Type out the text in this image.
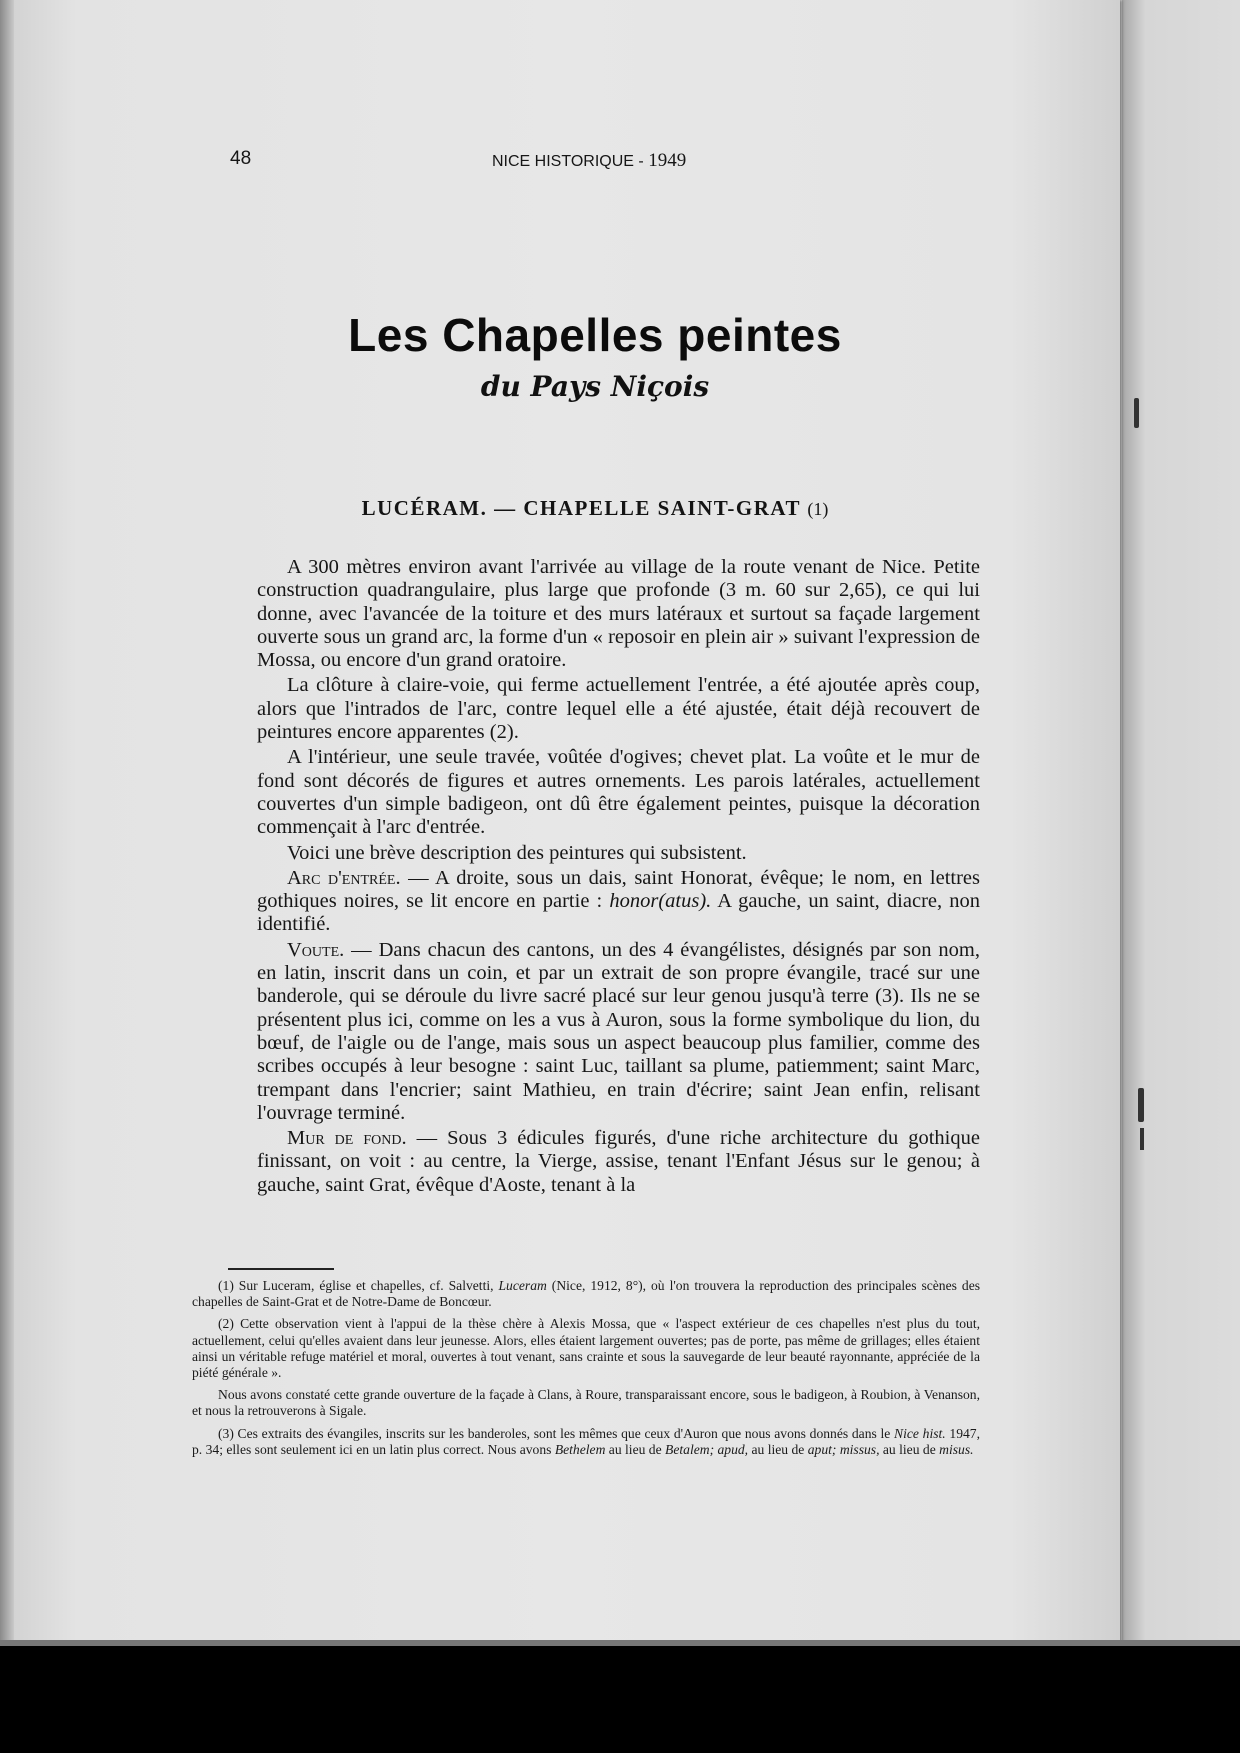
48	NICE HISTORIQUE - 1949
Les Chapelles peintes
du Pays Niçois
LUCÉRAM. — CHAPELLE SAINT-GRAT (1)

A 300 mètres environ avant l'arrivée au village de la route venant de Nice. Petite construction quadrangulaire, plus large que profonde (3 m. 60 sur 2,65), ce qui lui donne, avec l'avancée de la toiture et des murs latéraux et surtout sa façade largement ouverte sous un grand arc, la forme d'un « reposoir en plein air » suivant l'expression de Mossa, ou encore d'un grand oratoire.

La clôture à claire-voie, qui ferme actuellement l'entrée, a été ajoutée après coup, alors que l'intrados de l'arc, contre lequel elle a été ajustée, était déjà recouvert de peintures encore apparentes (2).

A l'intérieur, une seule travée, voûtée d'ogives; chevet plat. La voûte et le mur de fond sont décorés de figures et autres ornements. Les parois latérales, actuellement couvertes d'un simple badigeon, ont dû être également peintes, puisque la décoration commençait à l'arc d'entrée.

Voici une brève description des peintures qui subsistent.

Arc d'entrée. — A droite, sous un dais, saint Honorat, évêque; le nom, en lettres gothiques noires, se lit encore en partie : honor(atus). A gauche, un saint, diacre, non identifié.

Voute. — Dans chacun des cantons, un des 4 évangélistes, désignés par son nom, en latin, inscrit dans un coin, et par un extrait de son propre évangile, tracé sur une banderole, qui se déroule du livre sacré placé sur leur genou jusqu'à terre (3). Ils ne se présentent plus ici, comme on les a vus à Auron, sous la forme symbolique du lion, du bœuf, de l'aigle ou de l'ange, mais sous un aspect beaucoup plus familier, comme des scribes occupés à leur besogne : saint Luc, taillant sa plume, patiemment; saint Marc, trempant dans l'encrier; saint Mathieu, en train d'écrire; saint Jean enfin, relisant l'ouvrage terminé.

Mur de fond. — Sous 3 édicules figurés, d'une riche architecture du gothique finissant, on voit : au centre, la Vierge, assise, tenant l'Enfant Jésus sur le genou; à gauche, saint Grat, évêque d'Aoste, tenant à la

(1) Sur Luceram, église et chapelles, cf. Salvetti, Luceram (Nice, 1912, 8°), où l'on trouvera la reproduction des principales scènes des chapelles de Saint-Grat et de Notre-Dame de Boncœur.

(2) Cette observation vient à l'appui de la thèse chère à Alexis Mossa, que « l'aspect extérieur de ces chapelles n'est plus du tout, actuellement, celui qu'elles avaient dans leur jeunesse. Alors, elles étaient largement ouvertes; pas de porte, pas même de grillages; elles étaient ainsi un véritable refuge matériel et moral, ouvertes à tout venant, sans crainte et sous la sauvegarde de leur beauté rayonnante, appréciée de la piété générale ».

Nous avons constaté cette grande ouverture de la façade à Clans, à Roure, transparaissant encore, sous le badigeon, à Roubion, à Venanson, et nous la retrouverons à Sigale.

(3) Ces extraits des évangiles, inscrits sur les banderoles, sont les mêmes que ceux d'Auron que nous avons donnés dans le Nice hist. 1947, p. 34; elles sont seulement ici en un latin plus correct. Nous avons Bethelem au lieu de Betalem; apud, au lieu de aput; missus, au lieu de misus.
